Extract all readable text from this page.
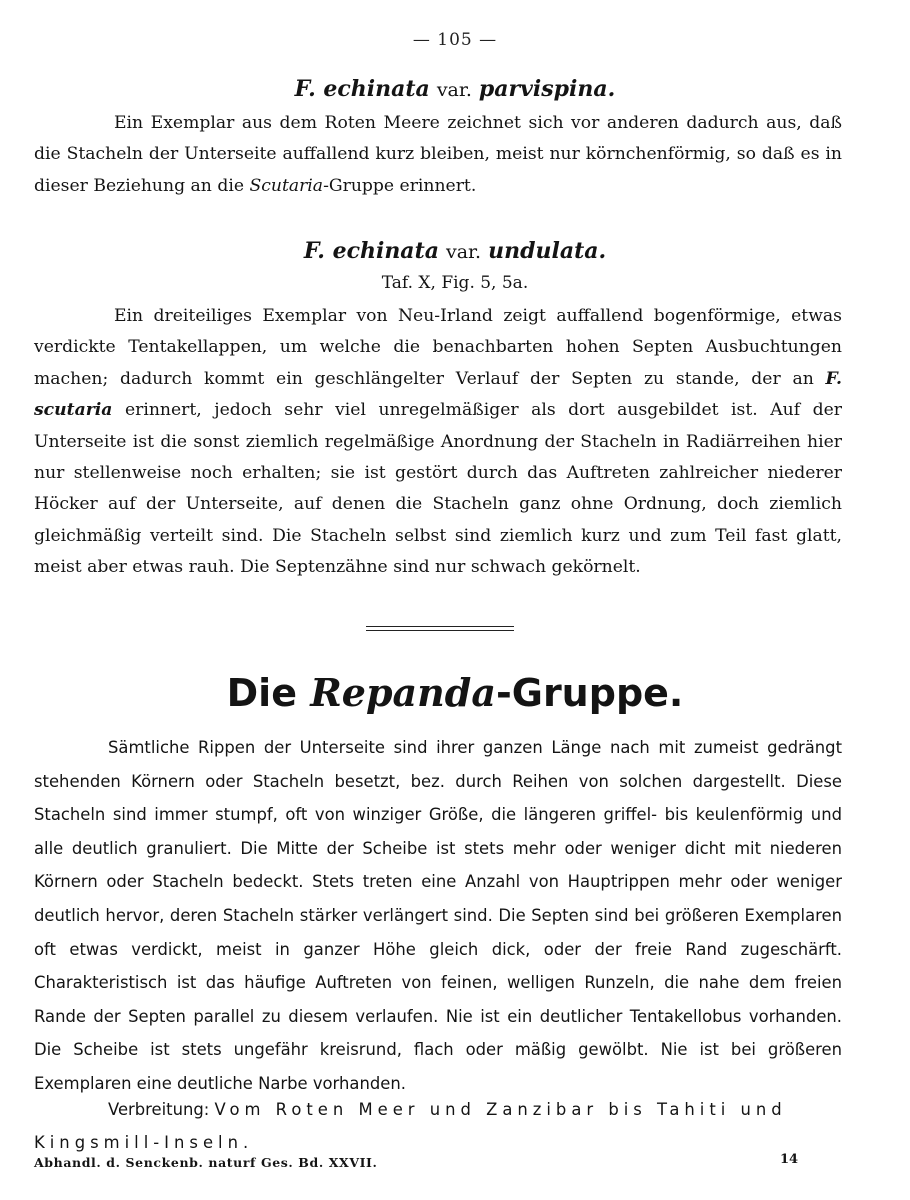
— 105 —
F. echinata var. parvispina.
Ein Exemplar aus dem Roten Meere zeichnet sich vor anderen dadurch aus, daß die Stacheln der Unterseite auffallend kurz bleiben, meist nur körnchenförmig, so daß es in dieser Beziehung an die Scutaria-Gruppe erinnert.
F. echinata var. undulata.
Taf. X, Fig. 5, 5a.
Ein dreiteiliges Exemplar von Neu-Irland zeigt auffallend bogenförmige, etwas verdickte Tentakellappen, um welche die benachbarten hohen Septen Ausbuchtungen machen; dadurch kommt ein geschlängelter Verlauf der Septen zu stande, der an F. scutaria erinnert, jedoch sehr viel unregelmäßiger als dort ausgebildet ist. Auf der Unterseite ist die sonst ziemlich regelmäßige Anordnung der Stacheln in Radiärreihen hier nur stellenweise noch erhalten; sie ist gestört durch das Auftreten zahlreicher niederer Höcker auf der Unterseite, auf denen die Stacheln ganz ohne Ordnung, doch ziemlich gleichmäßig verteilt sind. Die Stacheln selbst sind ziemlich kurz und zum Teil fast glatt, meist aber etwas rauh. Die Septenzähne sind nur schwach gekörnelt.
Die Repanda-Gruppe.
Sämtliche Rippen der Unterseite sind ihrer ganzen Länge nach mit zumeist gedrängt stehenden Körnern oder Stacheln besetzt, bez. durch Reihen von solchen dargestellt. Diese Stacheln sind immer stumpf, oft von winziger Größe, die längeren griffel- bis keulenförmig und alle deutlich granuliert. Die Mitte der Scheibe ist stets mehr oder weniger dicht mit niederen Körnern oder Stacheln bedeckt. Stets treten eine Anzahl von Hauptrippen mehr oder weniger deutlich hervor, deren Stacheln stärker verlängert sind. Die Septen sind bei größeren Exemplaren oft etwas verdickt, meist in ganzer Höhe gleich dick, oder der freie Rand zugeschärft. Charakteristisch ist das häufige Auftreten von feinen, welligen Runzeln, die nahe dem freien Rande der Septen parallel zu diesem verlaufen. Nie ist ein deutlicher Tentakellobus vorhanden. Die Scheibe ist stets ungefähr kreisrund, flach oder mäßig gewölbt. Nie ist bei größeren Exemplaren eine deutliche Narbe vorhanden.
Verbreitung: Vom Roten Meer und Zanzibar bis Tahiti und Kingsmill-Inseln.
Abhandl. d. Senckenb. naturf Ges. Bd. XXVII.	14
